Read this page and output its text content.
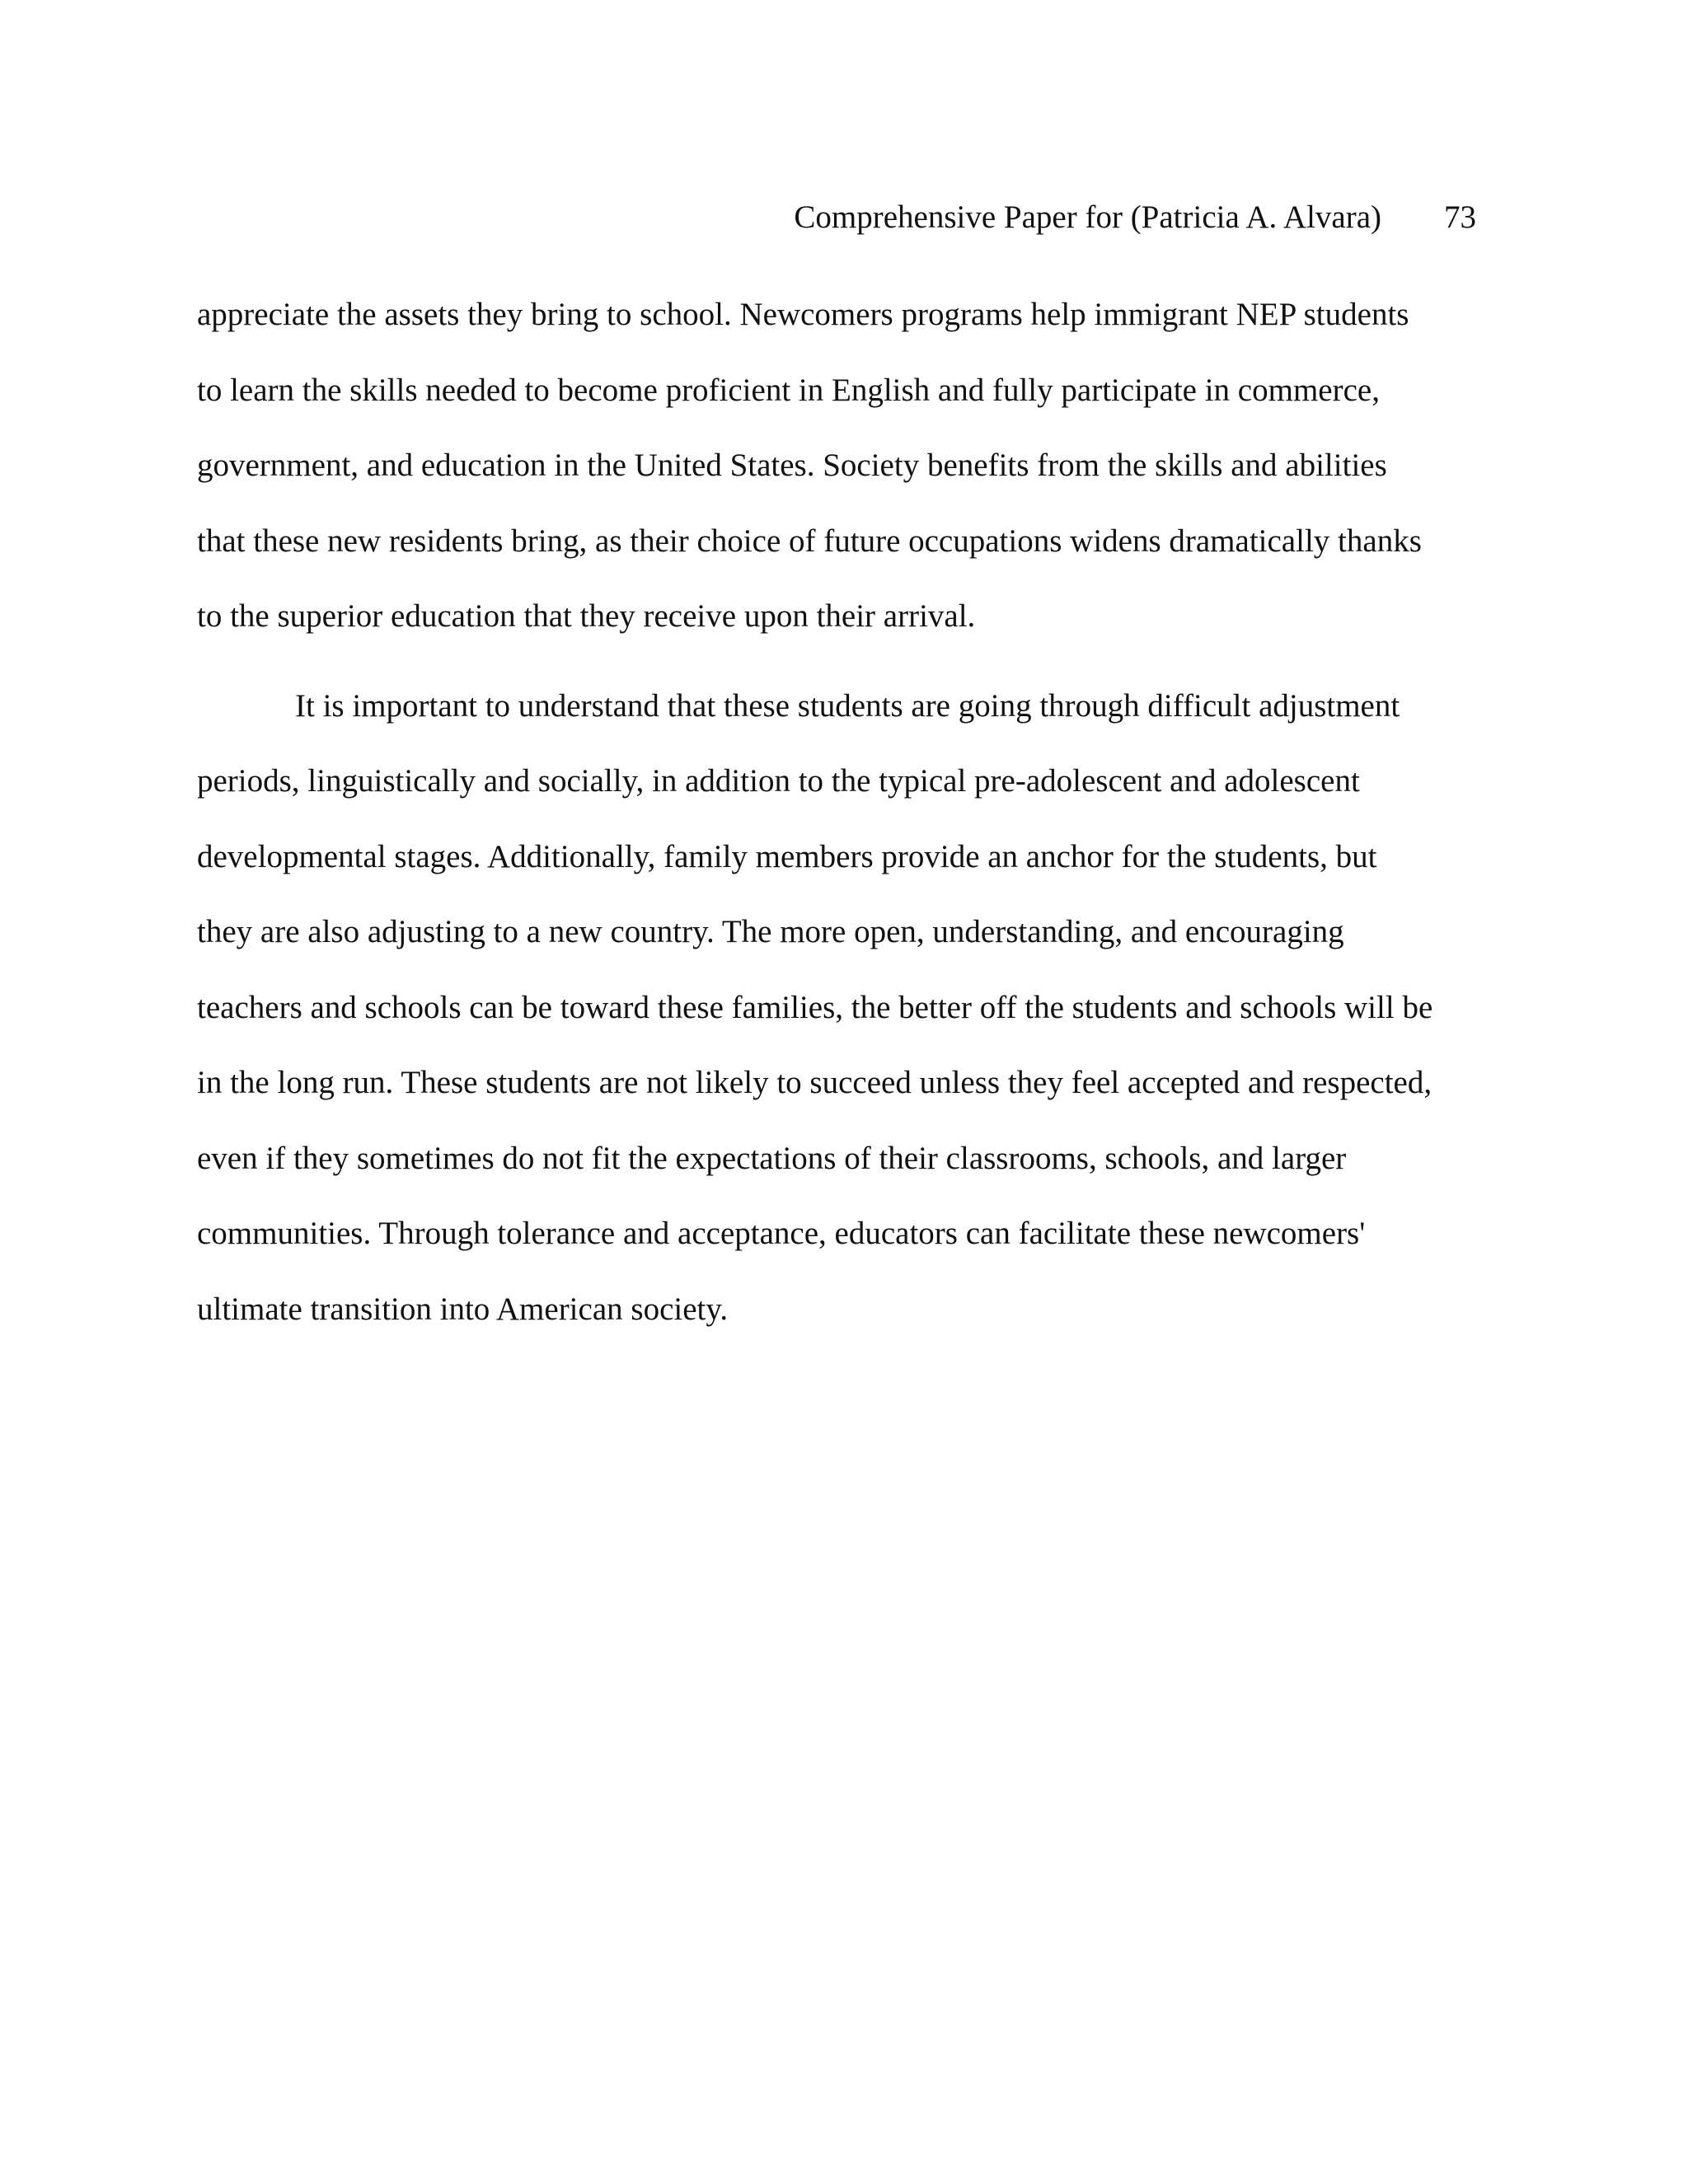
Comprehensive Paper for (Patricia A. Alvara) 73
appreciate the assets they bring to school. Newcomers programs help immigrant NEP students
to learn the skills needed to become proficient in English and fully participate in commerce,
government, and education in the United States. Society benefits from the skills and abilities
that these new residents bring, as their choice of future occupations widens dramatically thanks
to the superior education that they receive upon their arrival.
It is important to understand that these students are going through difficult adjustment
periods, linguistically and socially, in addition to the typical pre-adolescent and adolescent
developmental stages. Additionally, family members provide an anchor for the students, but
they are also adjusting to a new country. The more open, understanding, and encouraging
teachers and schools can be toward these families, the better off the students and schools will be
in the long run. These students are not likely to succeed unless they feel accepted and respected,
even if they sometimes do not fit the expectations of their classrooms, schools, and larger
communities. Through tolerance and acceptance, educators can facilitate these newcomers'
ultimate transition into American society.
